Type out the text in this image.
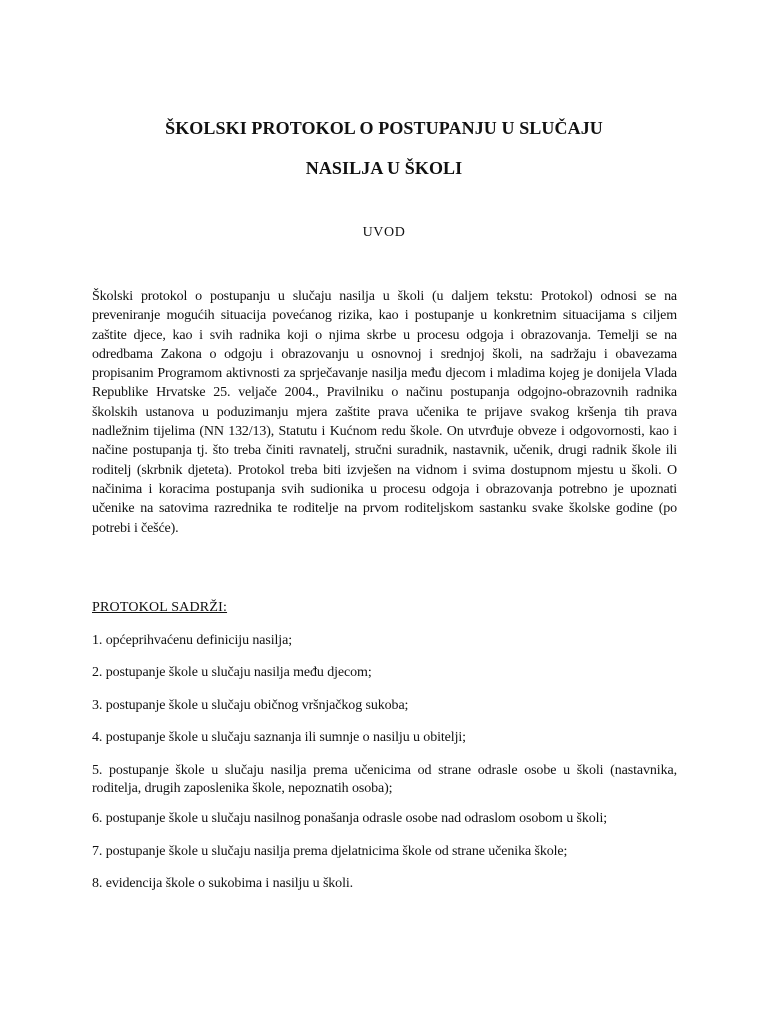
ŠKOLSKI PROTOKOL O POSTUPANJU U SLUČAJU
NASILJA U ŠKOLI
UVOD

Školski protokol o postupanju u slučaju nasilja u školi (u daljem tekstu: Protokol) odnosi se na preveniranje mogućih situacija povećanog rizika, kao i postupanje u konkretnim situacijama s ciljem zaštite djece, kao i svih radnika koji o njima skrbe u procesu odgoja i obrazovanja. Temelji se na odredbama Zakona o odgoju i obrazovanju u osnovnoj i srednjoj školi, na sadržaju i obavezama propisanim Programom aktivnosti za sprječavanje nasilja među djecom i mladima kojeg je donijela Vlada Republike Hrvatske 25. veljače 2004., Pravilniku o načinu postupanja odgojno-obrazovnih radnika školskih ustanova u poduzimanju mjera zaštite prava učenika te prijave svakog kršenja tih prava nadležnim tijelima (NN 132/13), Statutu i Kućnom redu škole. On utvrđuje obveze i odgovornosti, kao i načine postupanja tj. što treba činiti ravnatelj, stručni suradnik, nastavnik, učenik, drugi radnik škole ili roditelj (skrbnik djeteta). Protokol treba biti izvješen na vidnom i svima dostupnom mjestu u školi. O načinima i koracima postupanja svih sudionika u procesu odgoja i obrazovanja potrebno je upoznati učenike na satovima razrednika te roditelje na prvom roditeljskom sastanku svake školske godine (po potrebi i češće).

PROTOKOL SADRŽI:

1. općeprihvaćenu definiciju nasilja;
2. postupanje škole u slučaju nasilja među djecom;
3. postupanje škole u slučaju običnog vršnjačkog sukoba;
4. postupanje škole u slučaju saznanja ili sumnje o nasilju u obitelji;
5. postupanje škole u slučaju nasilja prema učenicima od strane odrasle osobe u školi (nastavnika, roditelja, drugih zaposlenika škole, nepoznatih osoba);
6. postupanje škole u slučaju nasilnog ponašanja odrasle osobe nad odraslom osobom u školi;
7. postupanje škole u slučaju nasilja prema djelatnicima škole od strane učenika škole;
8. evidencija škole o sukobima i nasilju u školi.
